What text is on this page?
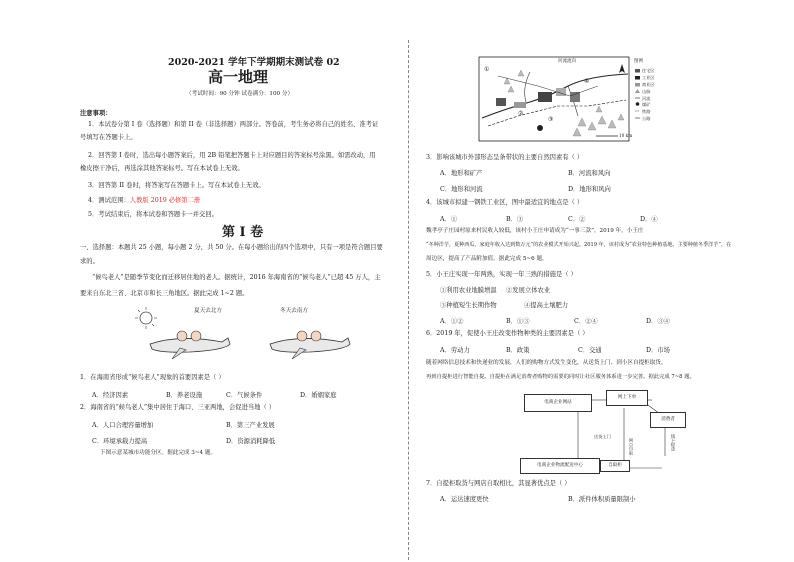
2020-2021 学年下学期期末测试卷 02
高一地理
（考试时间：90 分钟 试卷满分：100 分）
注意事项：
1．本试卷分第 I 卷（选择题）和第 II 卷（非选择题）两部分。答卷前，考生务必将自己的姓名、准考证
号填写在答题卡上。
2．回答第 I 卷时，选出每小题答案后，用 2B 铅笔把答题卡上对应题目的答案标号涂黑。如需改动，用
橡皮擦干净后，再选涂其他答案标号。写在本试卷上无效。
3．回答第 II 卷时，将答案写在答题卡上。写在本试卷上无效。
4．测试范围：人教版 2019 必修第二册
5．考试结束后，将本试卷和答题卡一并交回。
第 I 卷
一、选择题：本题共 25 小题，每小题 2 分，共 50 分。在每小题给出的四个选项中，只有一项是符合题目要
求的。
“候鸟老人”是随季节变化而迁移居住地的老人。据统计，2016 年海南省的“候鸟老人”已超 45 万人，主
要来自东北三省、北京市和长三角地区。据此完成 1~2 题。
夏天去北方	冬天去南方
1．在海南省形成“候鸟老人”现象的首要因素是（ ）
A．经济因素	B．养老设施	C．气候条件	D．婚姻家庭
2．海南省的“候鸟老人”集中居住于海口、三亚两地，会促进当地（ ）
A．人口合理容量增加	B．第三产业发展
C．环境承载力提高	D．资源消耗降低
下图示意某城市功能分区。据此完成 3~4 题。
河流流向	图例
住宅区
工业区
商业区
山脉
河流
煤矿
铁路
公路
10 km
①
②
③
④
3．影响该城市外部形态呈条带状的主要自然因素有（ ）
A．地形和矿产	B．河流和风向
C．地形和河流	D．地形和风向
4．该城市拟建一钢铁工业区，图中最适宜的地点是（ ）
A．①	B．③	C．②	D．④
魏孝亭子庄园村原来村民收入较低，该村小王庄申请成为“一事三款”。2019 年，小王庄
“冬种洋芋，夏种西瓜，家庭年收入达到数万元”的农业模式开始兴起。2019 年，该村成为“农业特色种植基地，主要种植冬季洋芋”，在
周边区，提高了产品附加值，据此完成 5~6 题。
5．小王庄实现一年两熟，实现一年三熟的措施是（ ）
①利用农业地膜增温 ②发展立体农业
③种植短生长期作物	④提高土壤肥力
A．①②	B．①③	C．②④	D．③④
6．2019 年，促使小王庄改变作物种类的主要因素是（ ）
A．劳动力	B．政策	C．交通	D．市场
随着网络信息技术和快递业的发展，人们的购物方式发生变化，从送货上门、到小区自提柜取货，
再到自提柜进行智能自提。自提柜在满足消费者购物的需要的同时让社区服务体系进一步完善。据此完成 7~8 题。
电商企业网站
网上下单
消费者
电商企业物流配送中心	自取柜
送货上门
网点自取	线下提货
7．自提柜取货与网店自取相比，其显著优点是（ ）
A．运达速度更快	B．派件体积质量限制小
